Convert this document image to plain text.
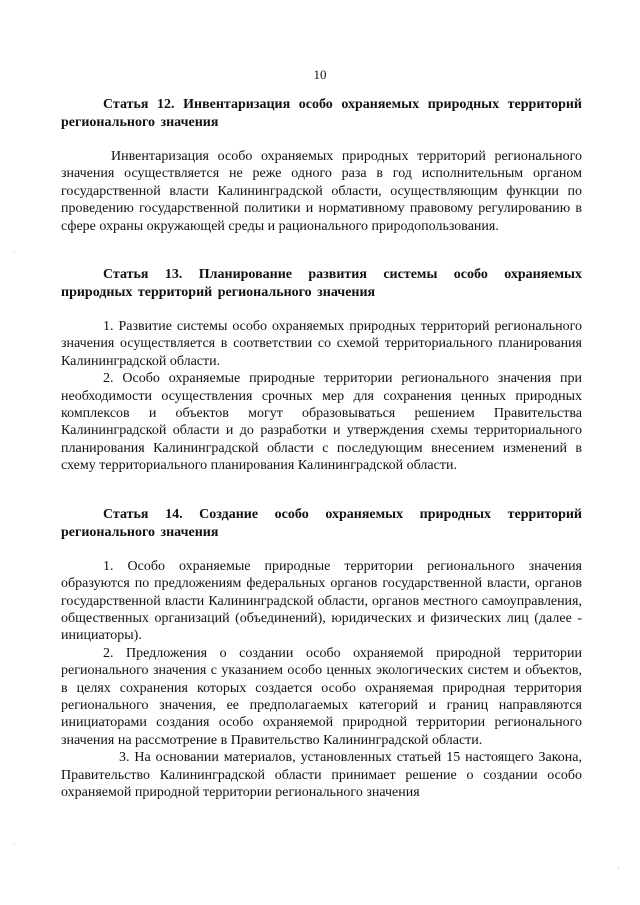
10

Статья 12. Инвентаризация особо охраняемых природных территорий регионального значения

Инвентаризация особо охраняемых природных территорий регионального значения осуществляется не реже одного раза в год исполнительным органом государственной власти Калининградской области, осуществляющим функции по проведению государственной политики и нормативному правовому регулированию в сфере охраны окружающей среды и рационального природопользования.

Статья 13. Планирование развития системы особо охраняемых природных территорий регионального значения

1. Развитие системы особо охраняемых природных территорий регионального значения осуществляется в соответствии со схемой территориального планирования Калининградской области.

2. Особо охраняемые природные территории регионального значения при необходимости осуществления срочных мер для сохранения ценных природных комплексов и объектов могут образовываться решением Правительства Калининградской области и до разработки и утверждения схемы территориального планирования Калининградской области с последующим внесением изменений в схему территориального планирования Калининградской области.

Статья 14. Создание особо охраняемых природных территорий регионального значения

1. Особо охраняемые природные территории регионального значения образуются по предложениям федеральных органов государственной власти, органов государственной власти Калининградской области, органов местного самоуправления, общественных организаций (объединений), юридических и физических лиц (далее - инициаторы).

2. Предложения о создании особо охраняемой природной территории регионального значения с указанием особо ценных экологических систем и объектов, в целях сохранения которых создается особо охраняемая природная территория регионального значения, ее предполагаемых категорий и границ направляются инициаторами создания особо охраняемой природной территории регионального значения на рассмотрение в Правительство Калининградской области.

3. На основании материалов, установленных статьей 15 настоящего Закона, Правительство Калининградской области принимает решение о создании особо охраняемой природной территории регионального значения
